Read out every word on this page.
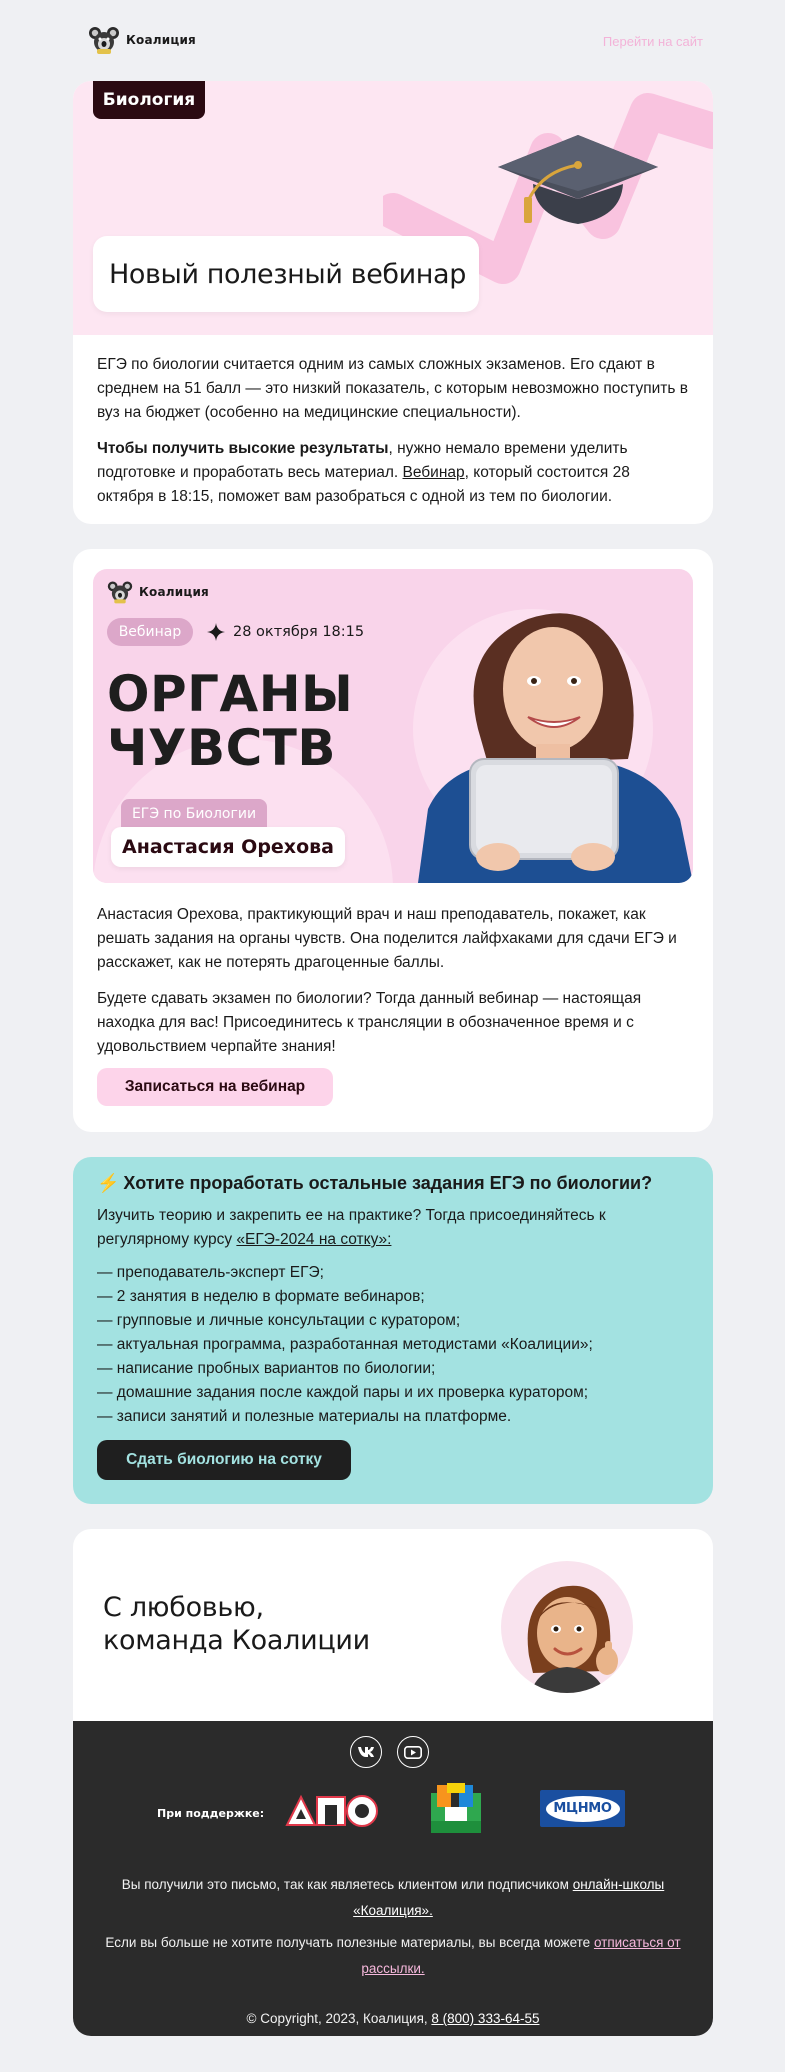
Коалиция	Перейти на сайт
Биология
Новый полезный вебинар

ЕГЭ по биологии считается одним из самых сложных экзаменов. Его сдают в среднем на 51 балл — это низкий показатель, с которым невозможно поступить в вуз на бюджет (особенно на медицинские специальности).

Чтобы получить высокие результаты, нужно немало времени уделить подготовке и проработать весь материал. Вебинар, который состоится 28 октября в 18:15, поможет вам разобраться с одной из тем по биологии.

Коалиция
Вебинар	28 октября 18:15
ОРГАНЫ
ЧУВСТВ
ЕГЭ по Биологии
Анастасия Орехова

Анастасия Орехова, практикующий врач и наш преподаватель, покажет, как решать задания на органы чувств. Она поделится лайфхаками для сдачи ЕГЭ и расскажет, как не потерять драгоценные баллы.

Будете сдавать экзамен по биологии? Тогда данный вебинар — настоящая находка для вас! Присоединитесь к трансляции в обозначенное время и с удовольствием черпайте знания!

Записаться на вебинар
⚡ Хотите проработать остальные задания ЕГЭ по биологии?

Изучить теорию и закрепить ее на практике? Тогда присоединяйтесь к регулярному курсу «ЕГЭ-2024 на сотку»:

— преподаватель-эксперт ЕГЭ;
— 2 занятия в неделю в формате вебинаров;
— групповые и личные консультации с куратором;
— актуальная программа, разработанная методистами «Коалиции»;
— написание пробных вариантов по биологии;
— домашние задания после каждой пары и их проверка куратором;
— записи занятий и полезные материалы на платформе.
Сдать биологию на сотку
С любовью,
команда Коалиции
При поддержке:	МЦНМО

Вы получили это письмо, так как являетесь клиентом или подписчиком онлайн-школы «Коалиция».

Если вы больше не хотите получать полезные материалы, вы всегда можете отписаться от рассылки.

© Copyright, 2023, Коалиция, 8 (800) 333-64-55
